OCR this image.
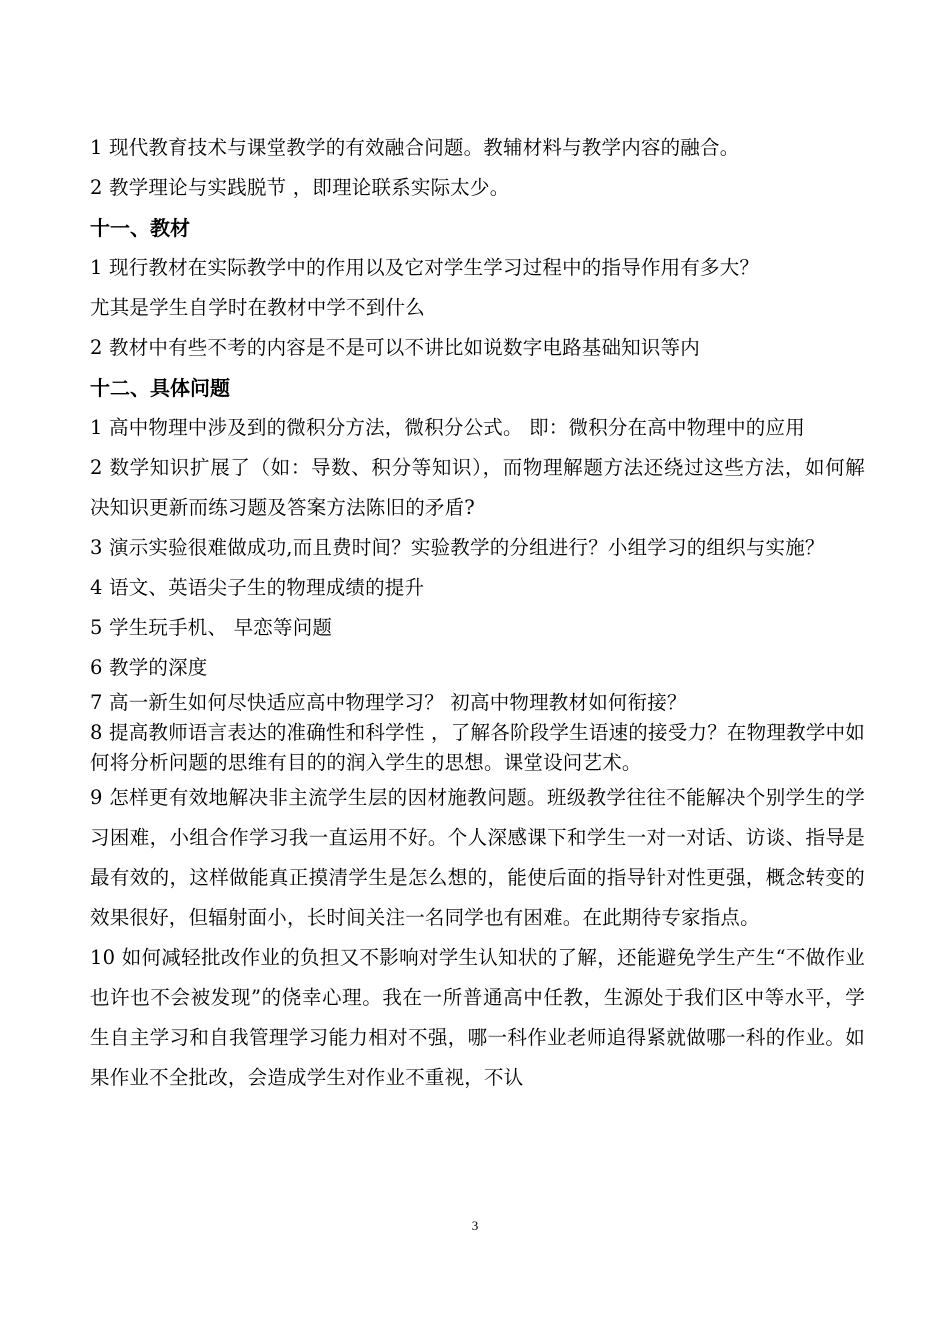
1 现代教育技术与课堂教学的有效融合问题。教辅材料与教学内容的融合。

2 教学理论与实践脱节 ，即理论联系实际太少。

十一、教材

1 现行教材在实际教学中的作用以及它对学生学习过程中的指导作用有多大？

尤其是学生自学时在教材中学不到什么

2 教材中有些不考的内容是不是可以不讲比如说数字电路基础知识等内

十二、具体问题

1 高中物理中涉及到的微积分方法，微积分公式。 即：微积分在高中物理中的应用

2 数学知识扩展了（如：导数、积分等知识），而物理解题方法还绕过这些方法，如何解决知识更新而练习题及答案方法陈旧的矛盾?

3 演示实验很难做成功,而且费时间？实验教学的分组进行？小组学习的组织与实施？

4 语文、英语尖子生的物理成绩的提升

5 学生玩手机、 早恋等问题

6 教学的深度

7 高一新生如何尽快适应高中物理学习？ 初高中物理教材如何衔接？

8 提高教师语言表达的准确性和科学性 ，了解各阶段学生语速的接受力？在物理教学中如何将分析问题的思维有目的的润入学生的思想。课堂设问艺术。

9 怎样更有效地解决非主流学生层的因材施教问题。班级教学往往不能解决个别学生的学习困难，小组合作学习我一直运用不好。个人深感课下和学生一对一对话、访谈、指导是最有效的，这样做能真正摸清学生是怎么想的，能使后面的指导针对性更强，概念转变的效果很好，但辐射面小，长时间关注一名同学也有困难。在此期待专家指点。

10 如何减轻批改作业的负担又不影响对学生认知状的了解，还能避免学生产生“不做作业也许也不会被发现”的侥幸心理。我在一所普通高中任教，生源处于我们区中等水平，学生自主学习和自我管理学习能力相对不强，哪一科作业老师追得紧就做哪一科的作业。如果作业不全批改，会造成学生对作业不重视，不认

3
